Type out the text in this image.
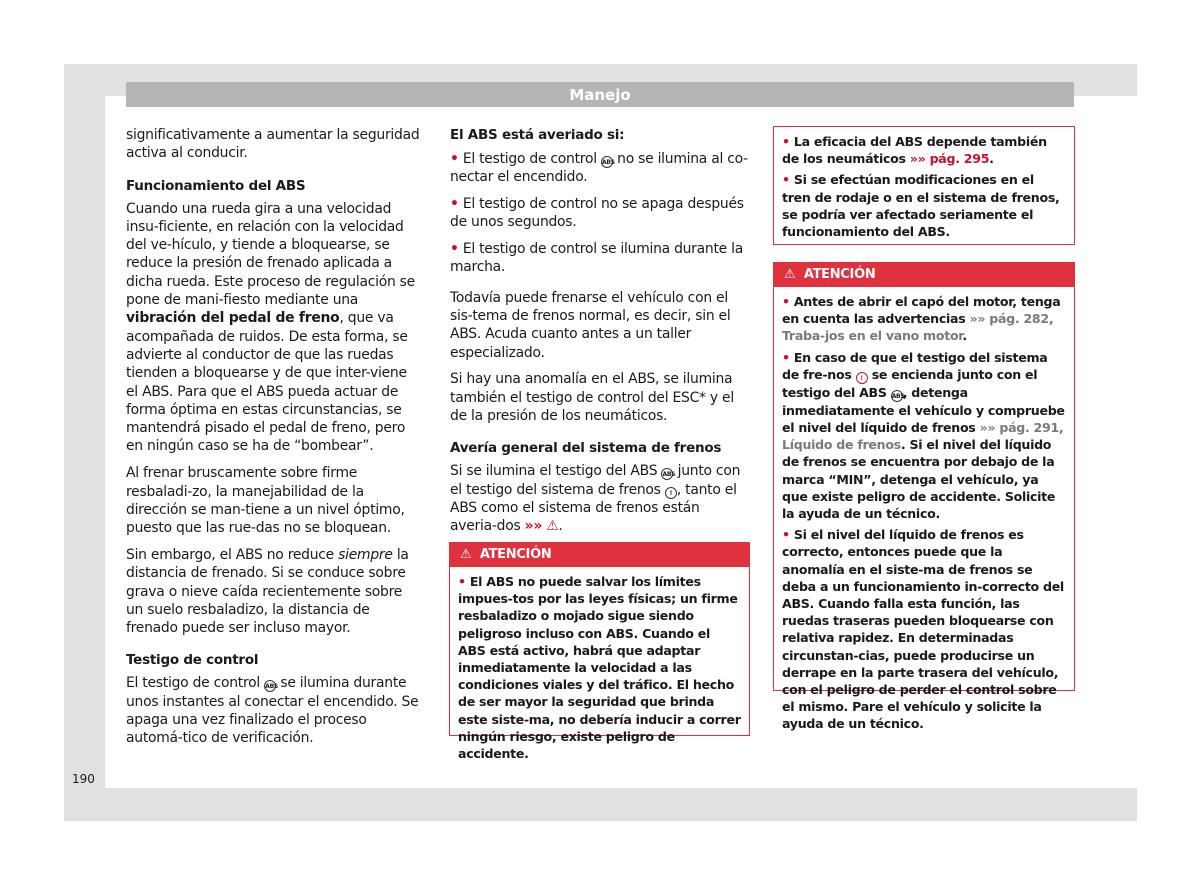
Manejo

significativamente a aumentar la seguridad activa al conducir.

Funcionamiento del ABS

Cuando una rueda gira a una velocidad insu-ficiente, en relación con la velocidad del ve-hículo, y tiende a bloquearse, se reduce la presión de frenado aplicada a dicha rueda. Este proceso de regulación se pone de mani-fiesto mediante una vibración del pedal de freno, que va acompañada de ruidos. De esta forma, se advierte al conductor de que las ruedas tienden a bloquearse y de que inter-viene el ABS. Para que el ABS pueda actuar de forma óptima en estas circunstancias, se mantendrá pisado el pedal de freno, pero en ningún caso se ha de “bombear”.

Al frenar bruscamente sobre firme resbaladi-zo, la manejabilidad de la dirección se man-tiene a un nivel óptimo, puesto que las rue-das no se bloquean.

Sin embargo, el ABS no reduce siempre la distancia de frenado. Si se conduce sobre grava o nieve caída recientemente sobre un suelo resbaladizo, la distancia de frenado puede ser incluso mayor.

Testigo de control

El testigo de control ABS se ilumina durante unos instantes al conectar el encendido. Se apaga una vez finalizado el proceso automá-tico de verificación.

El ABS está averiado si:

• El testigo de control ABS no se ilumina al co-nectar el encendido.

• El testigo de control no se apaga después de unos segundos.

• El testigo de control se ilumina durante la marcha.

Todavía puede frenarse el vehículo con el sis-tema de frenos normal, es decir, sin el ABS. Acuda cuanto antes a un taller especializado.

Si hay una anomalía en el ABS, se ilumina también el testigo de control del ESC* y el de la presión de los neumáticos.

Avería general del sistema de frenos

Si se ilumina el testigo del ABS ABS junto con el testigo del sistema de frenos ! , tanto el ABS como el sistema de frenos están averia-dos »» ⚠.

⚠ ATENCIÓN

• El ABS no puede salvar los límites impues-tos por las leyes físicas; un firme resbaladizo o mojado sigue siendo peligroso incluso con ABS. Cuando el ABS está activo, habrá que adaptar inmediatamente la velocidad a las condiciones viales y del tráfico. El hecho de ser mayor la seguridad que brinda este siste-ma, no debería inducir a correr ningún riesgo, existe peligro de accidente.

• La eficacia del ABS depende también de los neumáticos »» pág. 295.

• Si se efectúan modificaciones en el tren de rodaje o en el sistema de frenos, se podría ver afectado seriamente el funcionamiento del ABS.

⚠ ATENCIÓN

• Antes de abrir el capó del motor, tenga en cuenta las advertencias »» pág. 282, Traba-jos en el vano motor.

• En caso de que el testigo del sistema de fre-nos ! se encienda junto con el testigo del ABS ABS, detenga inmediatamente el vehículo y compruebe el nivel del líquido de frenos »» pág. 291, Líquido de frenos. Si el nivel del líquido de frenos se encuentra por debajo de la marca “MIN”, detenga el vehículo, ya que existe peligro de accidente. Solicite la ayuda de un técnico.

• Si el nivel del líquido de frenos es correcto, entonces puede que la anomalía en el siste-ma de frenos se deba a un funcionamiento in-correcto del ABS. Cuando falla esta función, las ruedas traseras pueden bloquearse con relativa rapidez. En determinadas circunstan-cias, puede producirse un derrape en la parte trasera del vehículo, con el peligro de perder el control sobre el mismo. Pare el vehículo y solicite la ayuda de un técnico.

190
